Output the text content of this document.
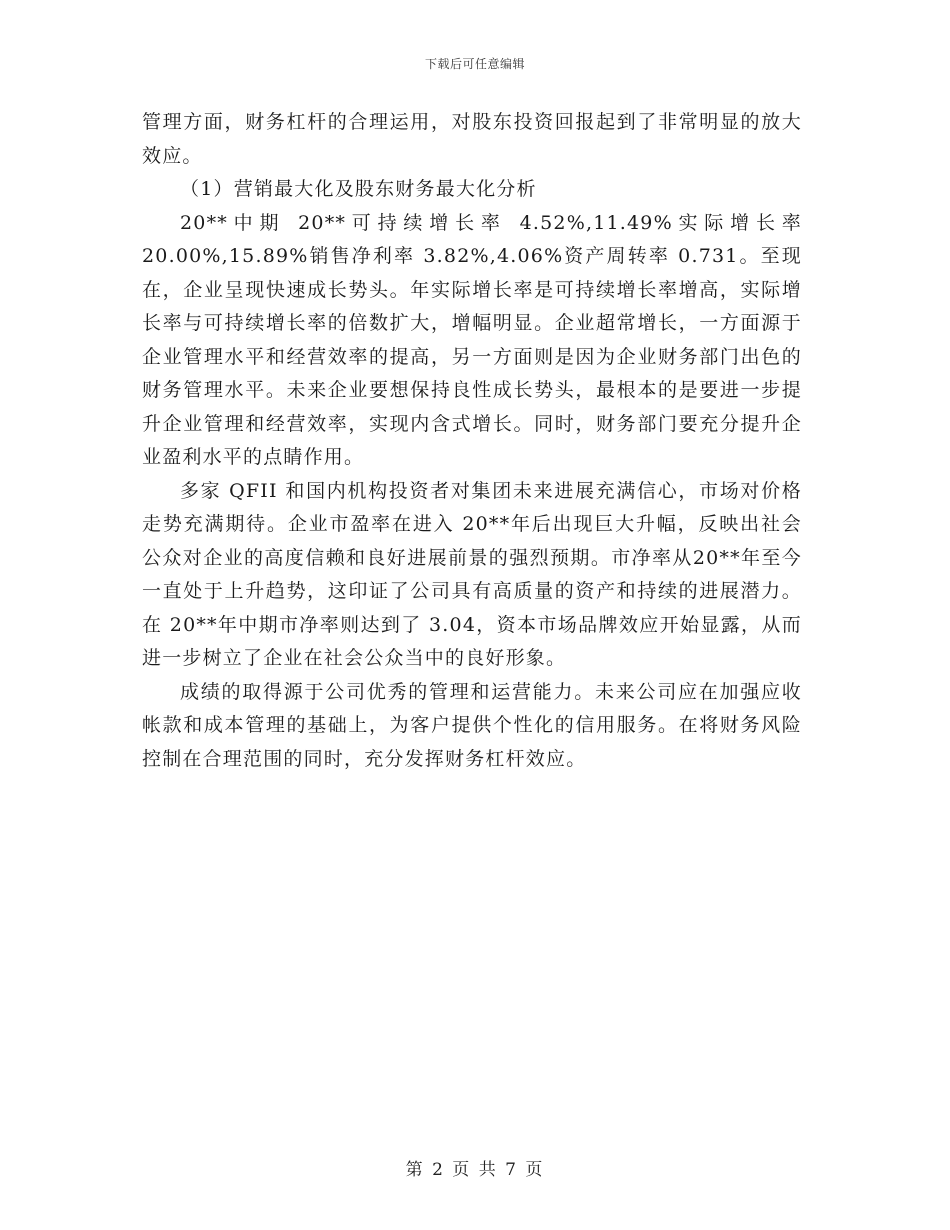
下载后可任意编辑

管理方面，财务杠杆的合理运用，对股东投资回报起到了非常明显的放大效应。

（1）营销最大化及股东财务最大化分析

20**中期 20**可持续增长率 4.52%,11.49%实际增长率20.00%,15.89%销售净利率 3.82%,4.06%资产周转率 0.731。至现在，企业呈现快速成长势头。年实际增长率是可持续增长率增高，实际增长率与可持续增长率的倍数扩大，增幅明显。企业超常增长，一方面源于企业管理水平和经营效率的提高，另一方面则是因为企业财务部门出色的财务管理水平。未来企业要想保持良性成长势头，最根本的是要进一步提升企业管理和经营效率，实现内含式增长。同时，财务部门要充分提升企业盈利水平的点睛作用。

多家 QFII 和国内机构投资者对集团未来进展充满信心，市场对价格走势充满期待。企业市盈率在进入 20**年后出现巨大升幅，反映出社会公众对企业的高度信赖和良好进展前景的强烈预期。市净率从20**年至今一直处于上升趋势，这印证了公司具有高质量的资产和持续的进展潜力。在 20**年中期市净率则达到了 3.04，资本市场品牌效应开始显露，从而进一步树立了企业在社会公众当中的良好形象。

成绩的取得源于公司优秀的管理和运营能力。未来公司应在加强应收帐款和成本管理的基础上，为客户提供个性化的信用服务。在将财务风险控制在合理范围的同时，充分发挥财务杠杆效应。

第 2 页 共 7 页
